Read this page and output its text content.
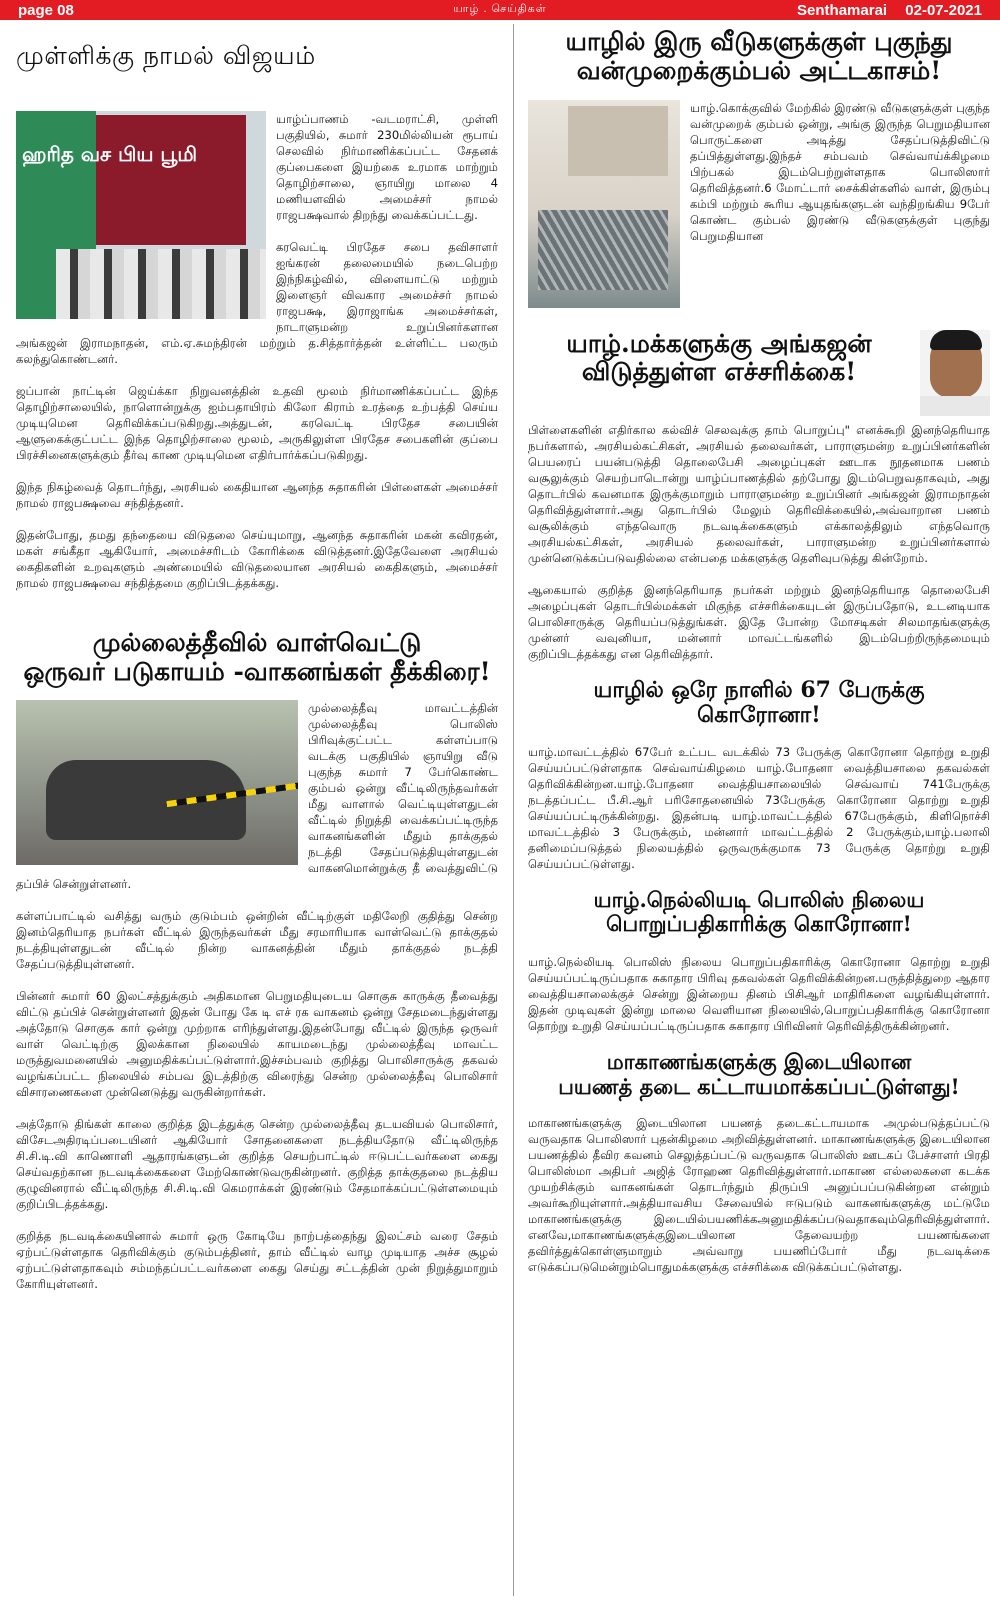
page 08	யாழ் . செய்திகள்	Senthamarai 02-07-2021
முள்ளிக்கு நாமல் விஜயம்
ஹரித வச பிய பூமி

யாழ்ப்பாணம் -வடமராட்சி, முள்ளி பகுதியில், சுமார் 230மில்லியன் ரூபாய் செலவில் நிர்மாணிக்கப்பட்ட சேதனக் குப்பைகளை இயற்கை உரமாக மாற்றும் தொழிற்சாலை, ஞாயிறு மாலை 4 மணியளவில் அமைச்சர் நாமல் ராஜபக்ஷவால் திறந்து வைக்கப்பட்டது.

கரவெட்டி பிரதேச சபை தவிசாளர் ஐங்கரன் தலைமையில் நடைபெற்ற இந்நிகழ்வில், விளையாட்டு மற்றும் இளைஞர் விவகார அமைச்சர் நாமல் ராஜபக்ஷ, இராஜாங்க அமைச்சர்கள், நாடாளுமன்ற உறுப்பினர்களான அங்கஜன் இராமநாதன், எம்.ஏ.சுமந்திரன் மற்றும் த.சித்தார்த்தன் உள்ளிட்ட பலரும் கலந்துகொண்டனர்.

ஜப்பான் நாட்டின் ஜெய்க்கா நிறுவனத்தின் உதவி மூலம் நிர்மாணிக்கப்பட்ட இந்த தொழிற்சாலையில், நாளொன்றுக்கு ஐம்பதாயிரம் கிலோ கிராம் உரத்தை உற்பத்தி செய்ய முடியுமென தெரிவிக்கப்படுகிறது.அத்துடன், கரவெட்டி பிரதேச சபையின் ஆளுகைக்குட்பட்ட இந்த தொழிற்சாலை மூலம், அருகிலுள்ள பிரதேச சபைகளின் குப்பை பிரச்சினைகளுக்கும் தீர்வு காண முடியுமென எதிர்பார்க்கப்படுகிறது.

இந்த நிகழ்வைத் தொடர்ந்து, அரசியல் கைதியான ஆனந்த சுதாகரின் பிள்ளைகள் அமைச்சர் நாமல் ராஜபக்ஷவை சந்தித்தனர்.

இதன்போது, தமது தந்தையை விடுதலை செய்யுமாறு, ஆனந்த சுதாகரின் மகன் கவிரதன், மகள் சங்கீதா ஆகியோர், அமைச்சரிடம் கோரிக்கை விடுத்தனர்.இதேவேளை அரசியல் கைதிகளின் உறவுகளும் அண்மையில் விடுதலையான அரசியல் கைதிகளும், அமைச்சர் நாமல் ராஜபக்ஷவை சந்தித்தமை குறிப்பிடத்தக்கது.

முல்லைத்தீவில் வாள்வெட்டு
ஒருவர் படுகாயம் -வாகனங்கள் தீக்கிரை!

முல்லைத்தீவு மாவட்டத்தின் முல்லைத்தீவு பொலிஸ் பிரிவுக்குட்பட்ட கள்ளப்பாடு வடக்கு பகுதியில் ஞாயிறு வீடு புகுந்த சுமார் 7 பேர்கொண்ட கும்பல் ஒன்று வீட்டிலிருந்தவர்கள் மீது வாளால் வெட்டியுள்ளதுடன் வீட்டில் நிறுத்தி வைக்கப்பட்டிருந்த வாகனங்களின் மீதும் தாக்குதல் நடத்தி சேதப்படுத்தியுள்ளதுடன் வாகனமொன்றுக்கு தீ வைத்துவிட்டு தப்பிச் சென்றுள்ளனர்.

கள்ளப்பாட்டில் வசித்து வரும் குடும்பம் ஒன்றின் வீட்டிற்குள் மதிலேறி குதித்து சென்ற இனம்தெரியாத நபர்கள் வீட்டில் இருந்தவர்கள் மீது சரமாரியாக வாள்வெட்டு தாக்குதல் நடத்தியுள்ளதுடன் வீட்டில் நின்ற வாகனத்தின் மீதும் தாக்குதல் நடத்தி சேதப்படுத்தியுள்ளனர்.

பின்னர் சுமார் 60 இலட்சத்துக்கும் அதிகமான பெறுமதியுடைய சொகுசு காருக்கு தீவைத்து விட்டு தப்பிச் சென்றுள்ளனர் இதன் போது கே டி எச் ரக வாகனம் ஒன்று சேதமடைந்துள்ளது அத்தோடு சொகுசு கார் ஒன்று முற்றாக எரிந்துள்ளது.இதன்போது வீட்டில் இருந்த ஒருவர் வாள் வெட்டிற்கு இலக்கான நிலையில் காயமடைந்து முல்லைத்தீவு மாவட்ட மருத்துவமனையில் அனுமதிக்கப்பட்டுள்ளார்.இச்சம்பவம் குறித்து பொலிசாருக்கு தகவல் வழங்கப்பட்ட நிலையில் சம்பவ இடத்திற்கு விரைந்து சென்ற முல்லைத்தீவு பொலிசார் விசாரணைகளை முன்னெடுத்து வருகின்றார்கள்.

அத்தோடு திங்கள் காலை குறித்த இடத்துக்கு சென்ற முல்லைத்தீவு தடயவியல் பொலிசார், விசேடஅதிரடிப்படையினர் ஆகியோர் சோதனைகளை நடத்தியதோடு வீட்டிலிருந்த சி.சி.டி.வி காணொளி ஆதாரங்களுடன் குறித்த செயற்பாட்டில் ஈடுபட்டவர்களை கைது செய்வதற்கான நடவடிக்கைகளை மேற்கொண்டுவருகின்றனர். குறித்த தாக்குதலை நடத்திய குழுவினரால் வீட்டிலிருந்த சி.சி.டி.வி கெமராக்கள் இரண்டும் சேதமாக்கப்பட்டுள்ளமையும் குறிப்பிடத்தக்கது.

குறித்த நடவடிக்கையினால் சுமார் ஒரு கோடியே நாற்பத்தைந்து இலட்சம் வரை சேதம் ஏற்பட்டுள்ளதாக தெரிவிக்கும் குடும்பத்தினர், தாம் வீட்டில் வாழ முடியாத அச்ச சூழல் ஏற்பட்டுள்ளதாகவும் சம்மந்தப்பட்டவர்களை கைது செய்து சட்டத்தின் முன் நிறுத்துமாறும் கோரியுள்ளனர்.

யாழில் இரு வீடுகளுக்குள் புகுந்து
வன்முறைக்கும்பல் அட்டகாசம்!

யாழ்.கொக்குவில் மேற்கில் இரண்டு வீடுகளுக்குள் புகுந்த வன்முறைக் கும்பல் ஒன்று, அங்கு இருந்த பெறுமதியான பொருட்களை அடித்து சேதப்படுத்திவிட்டு தப்பித்துள்ளது.இந்தச் சம்பவம் செவ்வாய்க்கிழமை பிற்பகல் இடம்பெற்றுள்ளதாக பொலிஸார் தெரிவித்தனர்.6 மோட்டார் சைக்கிள்களில் வாள், இரும்பு கம்பி மற்றும் கூரிய ஆயுதங்களுடன் வந்திறங்கிய 9பேர் கொண்ட கும்பல் இரண்டு வீடுகளுக்குள் புகுந்து பெறுமதியான

யாழ்.மக்களுக்கு அங்கஜன்
விடுத்துள்ள எச்சரிக்கை!

பிள்ளைகளின் எதிர்கால கல்விச் செலவுக்கு தாம் பொறுப்பு" எனக்கூறி இனந்தெரியாத நபர்களால், அரசியல்கட்சிகள், அரசியல் தலைவர்கள், பாராளுமன்ற உறுப்பினர்களின் பெயரைப் பயன்படுத்தி தொலைபேசி அழைப்புகள் ஊடாக நூதனமாக பணம் வசூலுக்கும் செயற்பாடொன்று யாழ்ப்பாணத்தில் தற்போது இடம்பெறுவதாகவும், அது தொடர்பில் கவனமாக இருக்குமாறும் பாராளுமன்ற உறுப்பினர் அங்கஜன் இராமநாதன் தெரிவித்துள்ளார்.அது தொடர்பில் மேலும் தெரிவிக்கையில்,அவ்வாறான பணம் வசூலிக்கும் எந்தவொரு நடவடிக்கைகளும் எக்காலத்திலும் எந்தவொரு அரசியல்கட்சிகள், அரசியல் தலைவர்கள், பாராளுமன்ற உறுப்பினர்களால் முன்னெடுக்கப்படுவதில்லை என்பதை மக்களுக்கு தெளிவுபடுத்து கின்றோம்.

ஆகையால் குறித்த இனந்தெரியாத நபர்கள் மற்றும் இனந்தெரியாத தொலைபேசி அழைப்புகள் தொடர்பில்மக்கள் மிகுந்த எச்சரிக்கையுடன் இருப்பதோடு, உடனடியாக பொலிசாருக்கு தெரியப்படுத்துங்கள். இதே போன்ற மோசடிகள் சிலமாதங்களுக்கு முன்னர் வவுனியா, மன்னார் மாவட்டங்களில் இடம்பெற்றிருந்தமையும் குறிப்பிடத்தக்கது என தெரிவித்தார்.

யாழில் ஒரே நாளில் 67 பேருக்கு கொரோனா!

யாழ்.மாவட்டத்தில் 67பேர் உட்பட வடக்கில் 73 பேருக்கு கொரோனா தொற்று உறுதி செய்யப்பட்டுள்ளதாக செவ்வாய்கிழமை யாழ்.போதனா வைத்தியசாலை தகவல்கள் தெரிவிக்கின்றன.யாழ்.போதனா வைத்தியசாலையில் செவ்வாய் 741பேருக்கு நடத்தப்பட்ட பீ.சி.ஆர் பரிசோதனையில் 73பேருக்கு கொரோனா தொற்று உறுதி செய்யப்பட்டிருக்கின்றது. இதன்படி யாழ்.மாவட்டத்தில் 67பேருக்கும், கிளிநொச்சி மாவட்டத்தில் 3 பேருக்கும், மன்னார் மாவட்டத்தில் 2 பேருக்கும்,யாழ்.பலாலி தனிமைப்படுத்தல் நிலையத்தில் ஒருவருக்குமாக 73 பேருக்கு தொற்று உறுதி செய்யப்பட்டுள்ளது.

யாழ்.நெல்லியடி பொலிஸ் நிலைய
பொறுப்பதிகாரிக்கு கொரோனா!

யாழ்.நெல்லியடி பொலிஸ் நிலைய பொறுப்பதிகாரிக்கு கொரோனா தொற்று உறுதி செய்யப்பட்டிருப்பதாக சுகாதார பிரிவு தகவல்கள் தெரிவிக்கின்றன.பருத்தித்துறை ஆதார வைத்தியசாலைக்குச் சென்று இன்றைய தினம் பிசிஆர் மாதிரிகளை வழங்கியுள்ளார். இதன் முடிவுகள் இன்று மாலை வெளியான நிலையில்,பொறுப்பதிகாரிக்கு கொரோனா தொற்று உறுதி செய்யப்பட்டிருப்பதாக சுகாதார பிரிவினர் தெரிவித்திருக்கின்றனர்.

மாகாணங்களுக்கு இடையிலான
பயணத் தடை கட்டாயமாக்கப்பட்டுள்ளது!

மாகாணங்களுக்கு இடையிலான பயணத் தடைகட்டாயமாக அமுல்படுத்தப்பட்டு வருவதாக பொலிஸார் புதன்கிழமை அறிவித்துள்ளனர். மாகாணங்களுக்கு இடையிலான பயணத்தில் தீவிர கவனம் செலுத்தப்பட்டு வருவதாக பொலிஸ் ஊடகப் பேச்சாளர் பிரதி பொலிஸ்மா அதிபர் அஜித் ரோஹண தெரிவித்துள்ளார்.மாகாண எல்லைகளை கடக்க முயற்சிக்கும் வாகனங்கள் தொடர்ந்தும் திருப்பி அனுப்பப்படுகின்றன என்றும் அவர்கூறியுள்ளார்.அத்தியாவசிய சேவையில் ஈடுபடும் வாகனங்களுக்கு மட்டுமே மாகாணங்களுக்கு இடையில்பயணிக்கஅனுமதிக்கப்படுவதாகவும்தெரிவித்துள்ளார். எனவே,மாகாணங்களுக்குஇடையிலான தேவையற்ற பயணங்களை தவிர்த்துக்கொள்ளுமாறும் அவ்வாறு பயணிப்போர் மீது நடவடிக்கை எடுக்கப்படுமென்றும்பொதுமக்களுக்கு எச்சரிக்கை விடுக்கப்பட்டுள்ளது.
